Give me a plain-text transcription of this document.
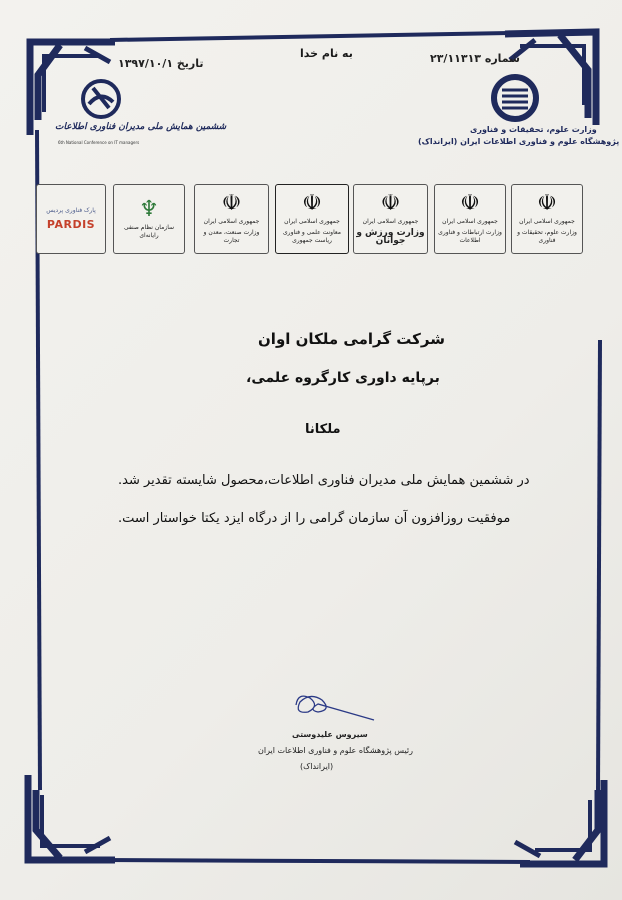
به نام خدا	شماره ۲۳/۱۱۳۱۳
تاریخ ۱۳۹۷/۱۰/۱
ششمین همایش ملی مدیران فناوری اطلاعات
6th National Conference on IT managers
وزارت علوم، تحقیقات و فناوری
پژوهشگاه علوم و فناوری اطلاعات ایران (ایرانداک)
☫
جمهوری اسلامی ایران
وزارت علوم، تحقیقات و فناوری
☫
جمهوری اسلامی ایران
وزارت ارتباطات و فناوری اطلاعات
☫
جمهوری اسلامی ایران
وزارت ورزش و جوانان
☫
جمهوری اسلامی ایران
معاونت علمی و فناوری ریاست جمهوری
☫
جمهوری اسلامی ایران
وزارت صنعت، معدن و تجارت
♆
سازمان نظام صنفی رایانه‌ای
پارک فناوری پردیس
PARDIS
شرکت گرامی ملکان اوان
برپایه داوری کارگروه علمی،
ملکانا
در ششمین همایش ملی مدیران فناوری اطلاعات،محصول شایسته تقدیر شد.
موفقیت روزافزون آن سازمان گرامی را از درگاه ایزد یکتا خواستار است.
سیروس علیدوستی
رئیس پژوهشگاه علوم و فناوری اطلاعات ایران
(ایرانداک)
